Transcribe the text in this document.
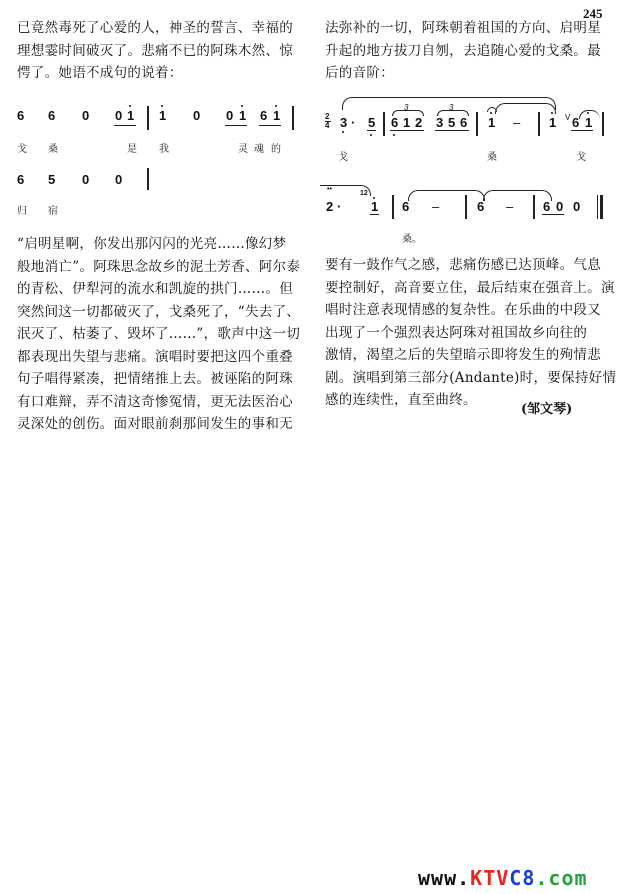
245

已竟然毒死了心爱的人，神圣的誓言、幸福的

理想霎时间破灭了。悲痛不已的阿珠木然、惊

愕了。她语不成句的说着：

6 6 0 0 1 1 0 0 1 6 1
戈 桑	是 我	灵 魂 的
6 5 0 0
归 宿

“启明星啊，你发出那闪闪的光亮……像幻梦

般地消亡”。阿珠思念故乡的泥土芳香、阿尔泰

的青松、伊犁河的流水和凯旋的拱门……。但

突然间这一切都破灭了，戈桑死了，“失去了、

泯灭了、枯萎了、毁坏了……”，歌声中这一切

都表现出失望与悲痛。演唱时要把这四个重叠

句子唱得紧凑，把情绪推上去。被诬陷的阿珠

有口难辩，弄不清这奇惨冤情，更无法医治心

灵深处的创伤。面对眼前刹那间发生的事和无

法弥补的一切，阿珠朝着祖国的方向、启明星

升起的地方拔刀自刎，去追随心爱的戈桑。最

后的音阶：

2
4 3 · 5
3
6 1 2
3
3 5 6 1 – 1 V 6 1
戈	桑	戈
••
2 ·
12
1 6 –	6 – 6 0 0
桑。

要有一鼓作气之感，悲痛伤感已达顶峰。气息

要控制好，高音要立住，最后结束在强音上。演

唱时注意表现情感的复杂性。在乐曲的中段又

出现了一个强烈表达阿珠对祖国故乡向往的

激情，渴望之后的失望暗示即将发生的殉情悲

剧。演唱到第三部分(Andante)时，要保持好情

感的连续性，直至曲终。

(邹文琴)
www.KTVC8.com
